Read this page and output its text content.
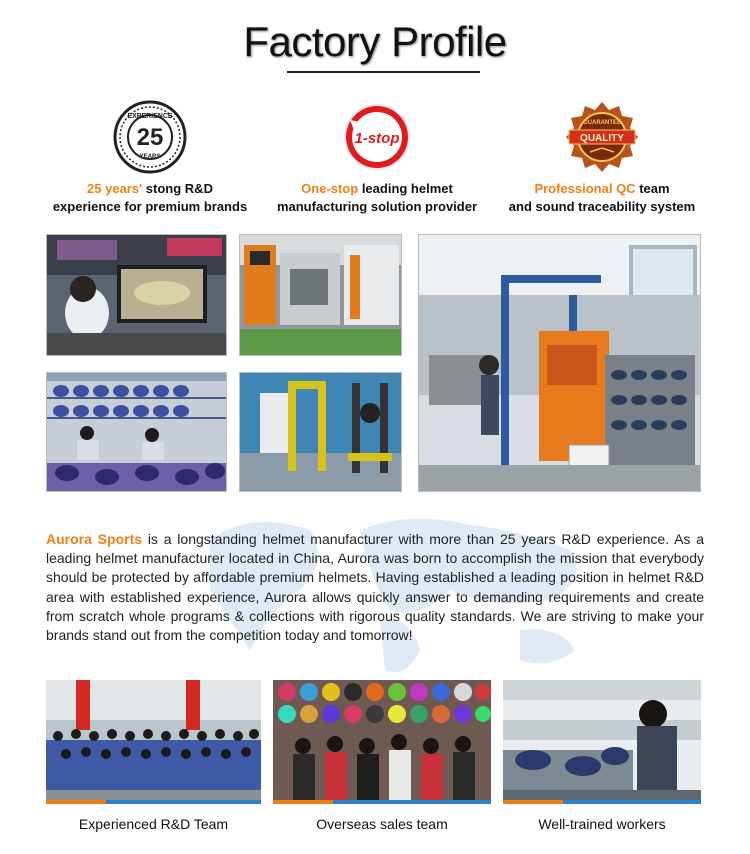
Factory Profile
EXPERIENCE
25
YEARS
25 years' stong R&D
experience for premium brands
1-stop
One-stop leading helmet
manufacturing solution provider
GUARANTEE
QUALITY
Professional QC team
and sound traceability system

Aurora Sports is a longstanding helmet manufacturer with more than 25 years R&D experience. As a leading helmet manufacturer located in China, Aurora was born to accomplish the mission that everybody should be protected by affordable premium helmets. Having established a leading position in helmet R&D area with established experience, Aurora allows quickly answer to demanding requirements and create from scratch whole programs & collections with rigorous quality standards. We are striving to make your brands stand out from the competition today and tomorrow!

Experienced R&D Team	Overseas sales team	Well-trained workers
